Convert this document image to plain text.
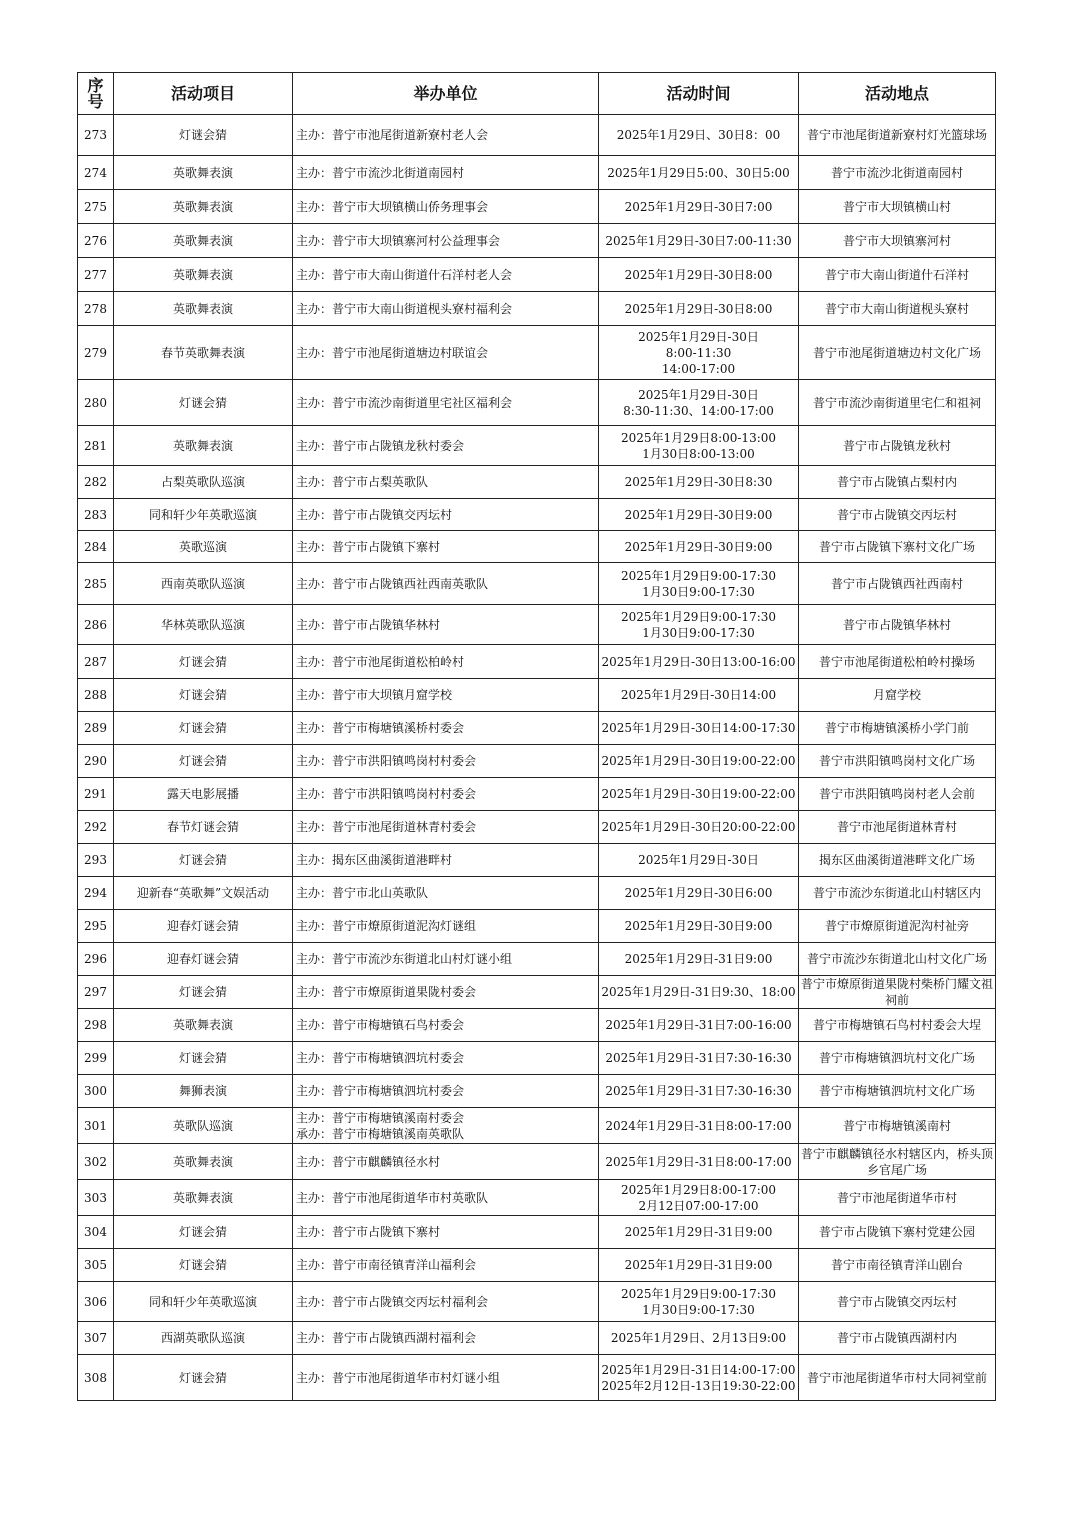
序号	活动项目	举办单位	活动时间	活动地点
273	灯谜会猜	主办：普宁市池尾街道新寮村老人会	2025年1月29日、30日8：00	普宁市池尾街道新寮村灯光篮球场

274	英歌舞表演	主办：普宁市流沙北街道南园村	2025年1月29日5:00、30日5:00	普宁市流沙北街道南园村

275	英歌舞表演	主办：普宁市大坝镇横山侨务理事会	2025年1月29日-30日7:00	普宁市大坝镇横山村

276	英歌舞表演	主办：普宁市大坝镇寨河村公益理事会	2025年1月29日-30日7:00-11:30	普宁市大坝镇寨河村

277	英歌舞表演	主办：普宁市大南山街道什石洋村老人会	2025年1月29日-30日8:00	普宁市大南山街道什石洋村

278	英歌舞表演	主办：普宁市大南山街道枧头寮村福利会	2025年1月29日-30日8:00	普宁市大南山街道枧头寮村

279	春节英歌舞表演	主办：普宁市池尾街道塘边村联谊会	2025年1月29日-30日
8:00-11:30
14:00-17:00	普宁市池尾街道塘边村文化广场

280	灯谜会猜	主办：普宁市流沙南街道里宅社区福利会	2025年1月29日-30日
8:30-11:30、14:00-17:00	普宁市流沙南街道里宅仁和祖祠

281	英歌舞表演	主办：普宁市占陇镇龙秋村委会	2025年1月29日8:00-13:00
1月30日8:00-13:00	普宁市占陇镇龙秋村

282	占梨英歌队巡演	主办：普宁市占梨英歌队	2025年1月29日-30日8:30	普宁市占陇镇占梨村内

283	同和轩少年英歌巡演	主办：普宁市占陇镇交丙坛村	2025年1月29日-30日9:00	普宁市占陇镇交丙坛村

284	英歌巡演	主办：普宁市占陇镇下寨村	2025年1月29日-30日9:00	普宁市占陇镇下寨村文化广场

285	西南英歌队巡演	主办：普宁市占陇镇西社西南英歌队	2025年1月29日9:00-17:30
1月30日9:00-17:30	普宁市占陇镇西社西南村

286	华林英歌队巡演	主办：普宁市占陇镇华林村	2025年1月29日9:00-17:30
1月30日9:00-17:30	普宁市占陇镇华林村

287	灯谜会猜	主办：普宁市池尾街道松柏岭村	2025年1月29日-30日13:00-16:00	普宁市池尾街道松柏岭村操场

288	灯谜会猜	主办：普宁市大坝镇月窟学校	2025年1月29日-30日14:00	月窟学校

289	灯谜会猜	主办：普宁市梅塘镇溪桥村委会	2025年1月29日-30日14:00-17:30	普宁市梅塘镇溪桥小学门前

290	灯谜会猜	主办：普宁市洪阳镇鸣岗村村委会	2025年1月29日-30日19:00-22:00	普宁市洪阳镇鸣岗村文化广场

291	露天电影展播	主办：普宁市洪阳镇鸣岗村村委会	2025年1月29日-30日19:00-22:00	普宁市洪阳镇鸣岗村老人会前

292	春节灯谜会猜	主办：普宁市池尾街道林青村委会	2025年1月29日-30日20:00-22:00	普宁市池尾街道林青村

293	灯谜会猜	主办：揭东区曲溪街道港畔村	2025年1月29日-30日	揭东区曲溪街道港畔文化广场

294	迎新春“英歌舞”文娱活动	主办：普宁市北山英歌队	2025年1月29日-30日6:00	普宁市流沙东街道北山村辖区内

295	迎春灯谜会猜	主办：普宁市燎原街道泥沟灯谜组	2025年1月29日-30日9:00	普宁市燎原街道泥沟村祉旁

296	迎春灯谜会猜	主办：普宁市流沙东街道北山村灯谜小组	2025年1月29日-31日9:00	普宁市流沙东街道北山村文化广场

297	灯谜会猜	主办：普宁市燎原街道果陇村委会	2025年1月29日-31日9:30、18:00	普宁市燎原街道果陇村柴桥门耀文祖祠前

298	英歌舞表演	主办：普宁市梅塘镇石鸟村委会	2025年1月29日-31日7:00-16:00	普宁市梅塘镇石鸟村村委会大埕

299	灯谜会猜	主办：普宁市梅塘镇泗坑村委会	2025年1月29日-31日7:30-16:30	普宁市梅塘镇泗坑村文化广场

300	舞狮表演	主办：普宁市梅塘镇泗坑村委会	2025年1月29日-31日7:30-16:30	普宁市梅塘镇泗坑村文化广场

301	英歌队巡演	主办：普宁市梅塘镇溪南村委会
承办：普宁市梅塘镇溪南英歌队	2024年1月29日-31日8:00-17:00	普宁市梅塘镇溪南村

302	英歌舞表演	主办：普宁市麒麟镇径水村	2025年1月29日-31日8:00-17:00	普宁市麒麟镇径水村辖区内，桥头顶乡官尾广场

303	英歌舞表演	主办：普宁市池尾街道华市村英歌队	2025年1月29日8:00-17:00
2月12日07:00-17:00	普宁市池尾街道华市村

304	灯谜会猜	主办：普宁市占陇镇下寨村	2025年1月29日-31日9:00	普宁市占陇镇下寨村党建公园

305	灯谜会猜	主办：普宁市南径镇青洋山福利会	2025年1月29日-31日9:00	普宁市南径镇青洋山剧台

306	同和轩少年英歌巡演	主办：普宁市占陇镇交丙坛村福利会	2025年1月29日9:00-17:30
1月30日9:00-17:30	普宁市占陇镇交丙坛村

307	西湖英歌队巡演	主办：普宁市占陇镇西湖村福利会	2025年1月29日、2月13日9:00	普宁市占陇镇西湖村内

308	灯谜会猜	主办：普宁市池尾街道华市村灯谜小组	2025年1月29日-31日14:00-17:00
2025年2月12日-13日19:30-22:00	普宁市池尾街道华市村大同祠堂前
